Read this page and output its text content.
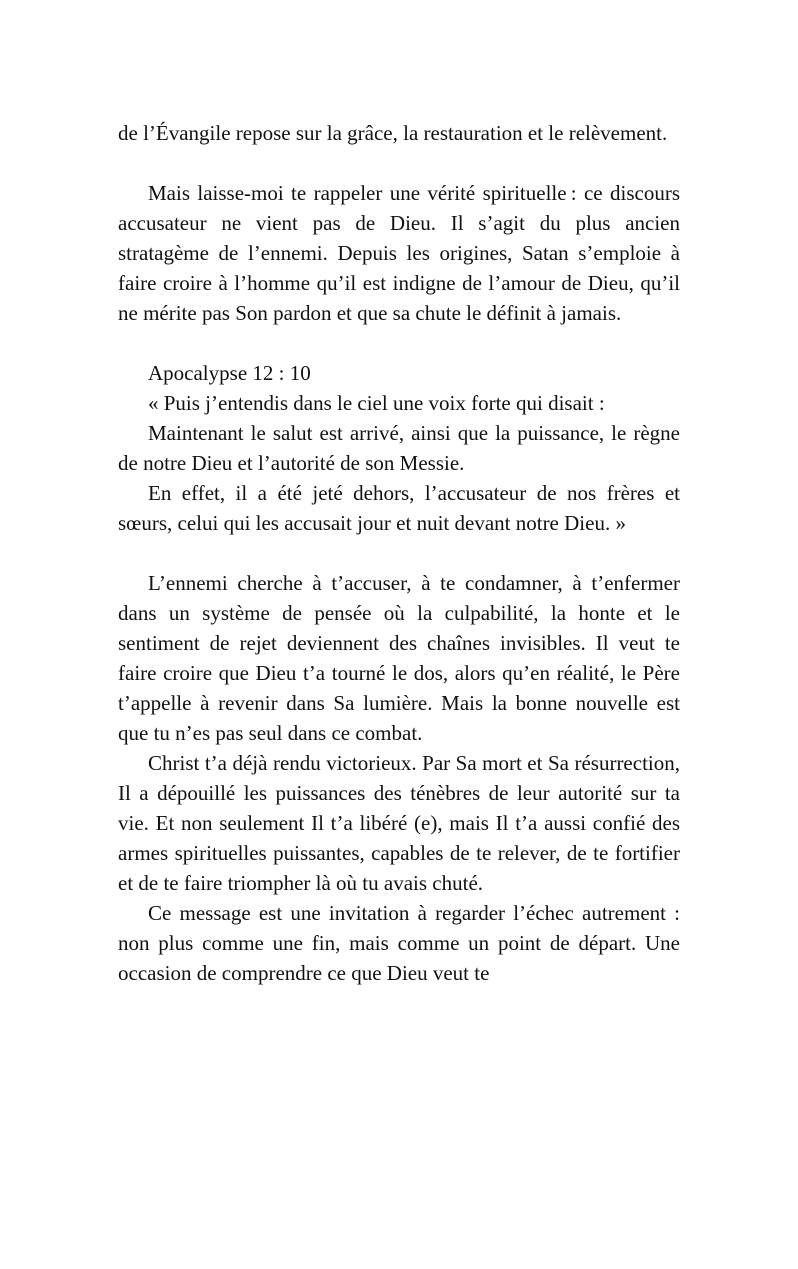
de l’Évangile repose sur la grâce, la restauration et le relèvement.

Mais laisse-moi te rappeler une vérité spirituelle : ce discours accusateur ne vient pas de Dieu. Il s’agit du plus ancien stratagème de l’ennemi. Depuis les origines, Satan s’emploie à faire croire à l’homme qu’il est indigne de l’amour de Dieu, qu’il ne mérite pas Son pardon et que sa chute le définit à jamais.

Apocalypse 12 : 10

« Puis j’entendis dans le ciel une voix forte qui disait :

Maintenant le salut est arrivé, ainsi que la puissance, le règne de notre Dieu et l’autorité de son Messie.

En effet, il a été jeté dehors, l’accusateur de nos frères et sœurs, celui qui les accusait jour et nuit devant notre Dieu. »

L’ennemi cherche à t’accuser, à te condamner, à t’enfermer dans un système de pensée où la culpabilité, la honte et le sentiment de rejet deviennent des chaînes invisibles. Il veut te faire croire que Dieu t’a tourné le dos, alors qu’en réalité, le Père t’appelle à revenir dans Sa lumière. Mais la bonne nouvelle est que tu n’es pas seul dans ce combat.

Christ t’a déjà rendu victorieux. Par Sa mort et Sa résurrection, Il a dépouillé les puissances des ténèbres de leur autorité sur ta vie. Et non seulement Il t’a libéré (e), mais Il t’a aussi confié des armes spirituelles puissantes, capables de te relever, de te fortifier et de te faire triompher là où tu avais chuté.

Ce message est une invitation à regarder l’échec autrement : non plus comme une fin, mais comme un point de départ. Une occasion de comprendre ce que Dieu veut te
